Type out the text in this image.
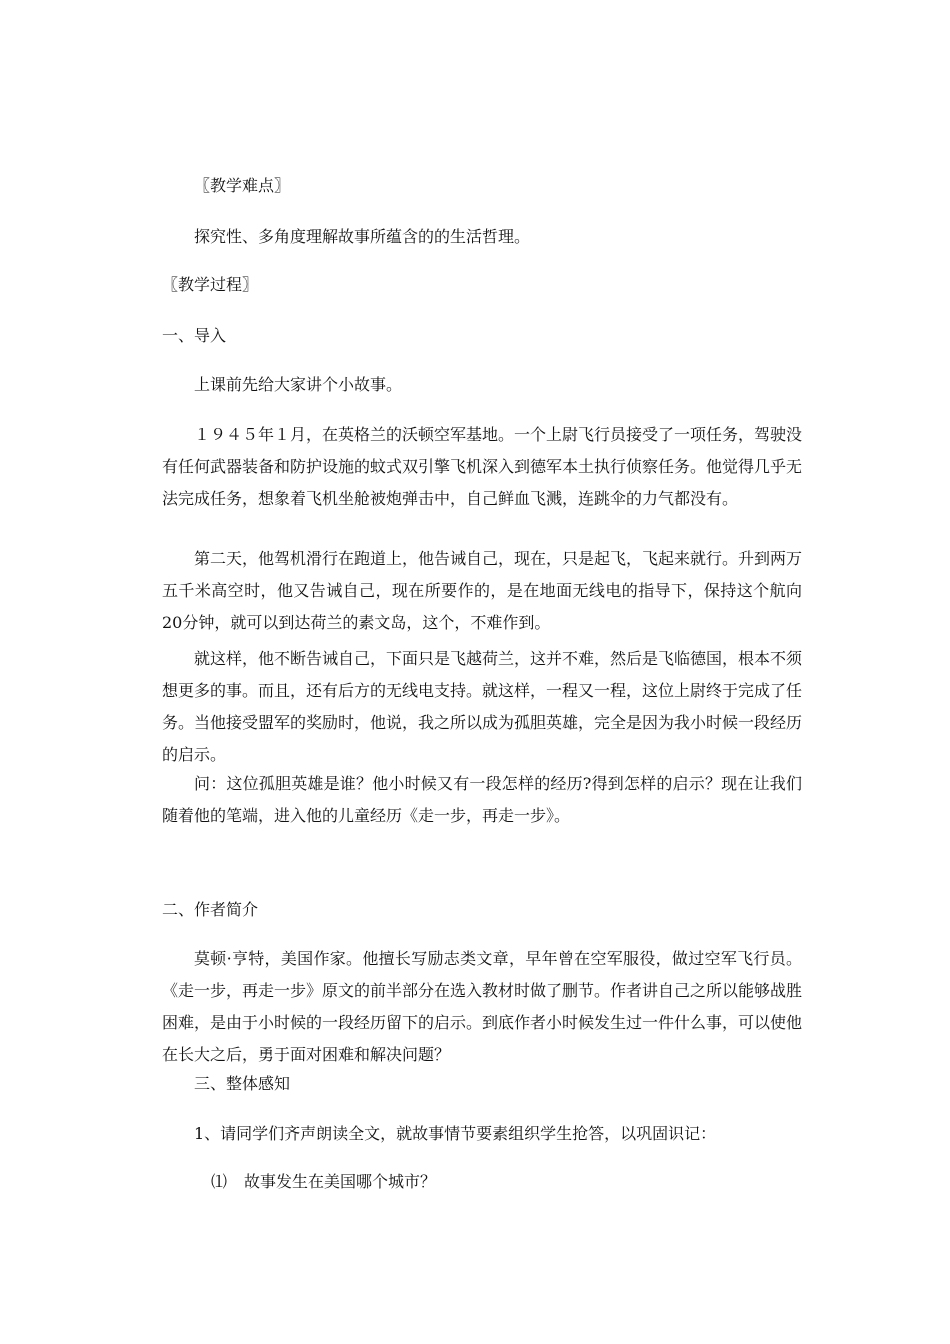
〖教学难点〗
探究性、多角度理解故事所蕴含的的生活哲理。
〖教学过程〗
一、导入
上课前先给大家讲个小故事。
１９４５年１月，在英格兰的沃顿空军基地。一个上尉飞行员接受了一项任务，驾驶没有任何武器装备和防护设施的蚊式双引擎飞机深入到德军本土执行侦察任务。他觉得几乎无法完成任务，想象着飞机坐舱被炮弹击中，自己鲜血飞溅，连跳伞的力气都没有。
第二天，他驾机滑行在跑道上，他告诫自己，现在，只是起飞，飞起来就行。升到两万五千米高空时，他又告诫自己，现在所要作的，是在地面无线电的指导下，保持这个航向20分钟，就可以到达荷兰的素文岛，这个，不难作到。
就这样，他不断告诫自己，下面只是飞越荷兰，这并不难，然后是飞临德国，根本不须想更多的事。而且，还有后方的无线电支持。就这样，一程又一程，这位上尉终于完成了任务。当他接受盟军的奖励时，他说，我之所以成为孤胆英雄，完全是因为我小时候一段经历的启示。
问：这位孤胆英雄是谁？他小时候又有一段怎样的经历?得到怎样的启示？现在让我们随着他的笔端，进入他的儿童经历《走一步，再走一步》。
二、作者简介
莫顿·亨特，美国作家。他擅长写励志类文章，早年曾在空军服役，做过空军飞行员。《走一步，再走一步》原文的前半部分在选入教材时做了删节。作者讲自己之所以能够战胜困难，是由于小时候的一段经历留下的启示。到底作者小时候发生过一件什么事，可以使他在长大之后，勇于面对困难和解决问题？
三、整体感知
1、请同学们齐声朗读全文，就故事情节要素组织学生抢答，以巩固识记：
⑴ 故事发生在美国哪个城市？
